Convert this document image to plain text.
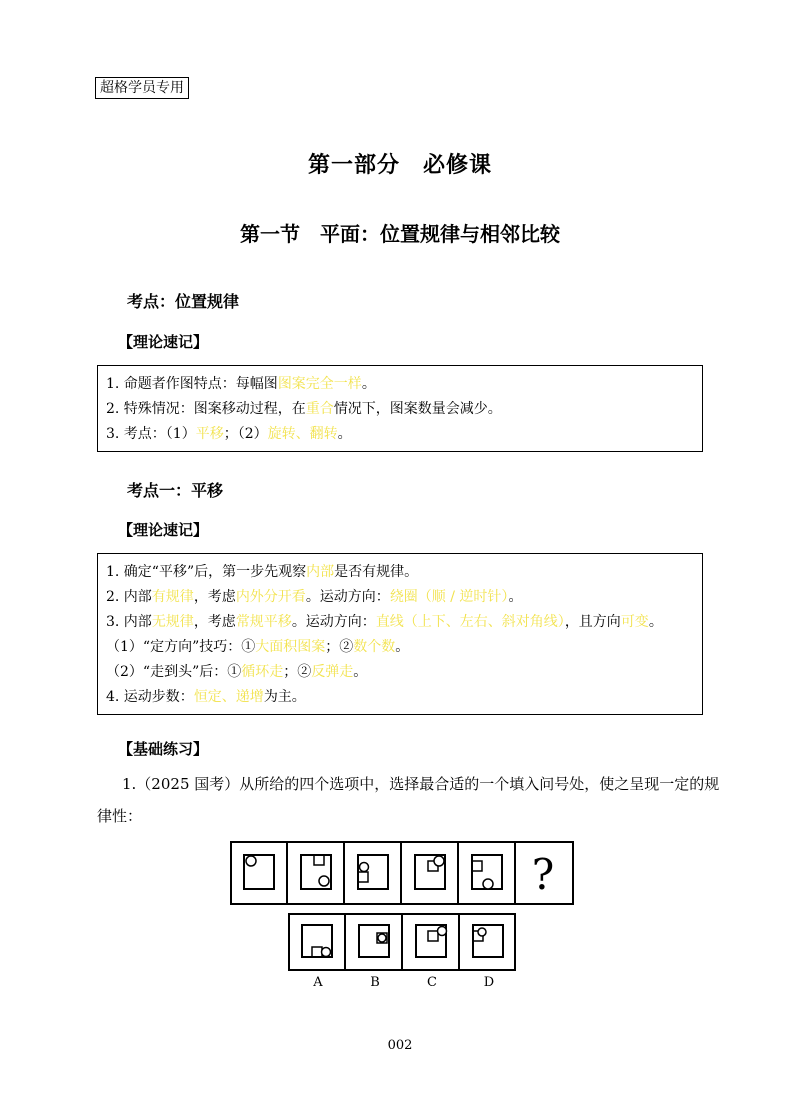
超格学员专用
第一部分　必修课
第一节　平面：位置规律与相邻比较
考点：位置规律
【理论速记】
1. 命题者作图特点：每幅图图案完全一样。
2. 特殊情况：图案移动过程，在重合情况下，图案数量会减少。
3. 考点：（1）平移；（2）旋转、翻转。
考点一：平移
【理论速记】
1. 确定“平移”后，第一步先观察内部是否有规律。
2. 内部有规律，考虑内外分开看。运动方向：绕圈（顺 / 逆时针）。
3. 内部无规律，考虑常规平移。运动方向：直线（上下、左右、斜对角线），且方向可变。
（1）“定方向”技巧：①大面积图案；②数个数。
（2）“走到头”后：①循环走；②反弹走。
4. 运动步数：恒定、递增为主。
【基础练习】
1.（2025 国考）从所给的四个选项中，选择最合适的一个填入问号处，使之呈现一定的规
律性：
?
A	B	C	D
002
